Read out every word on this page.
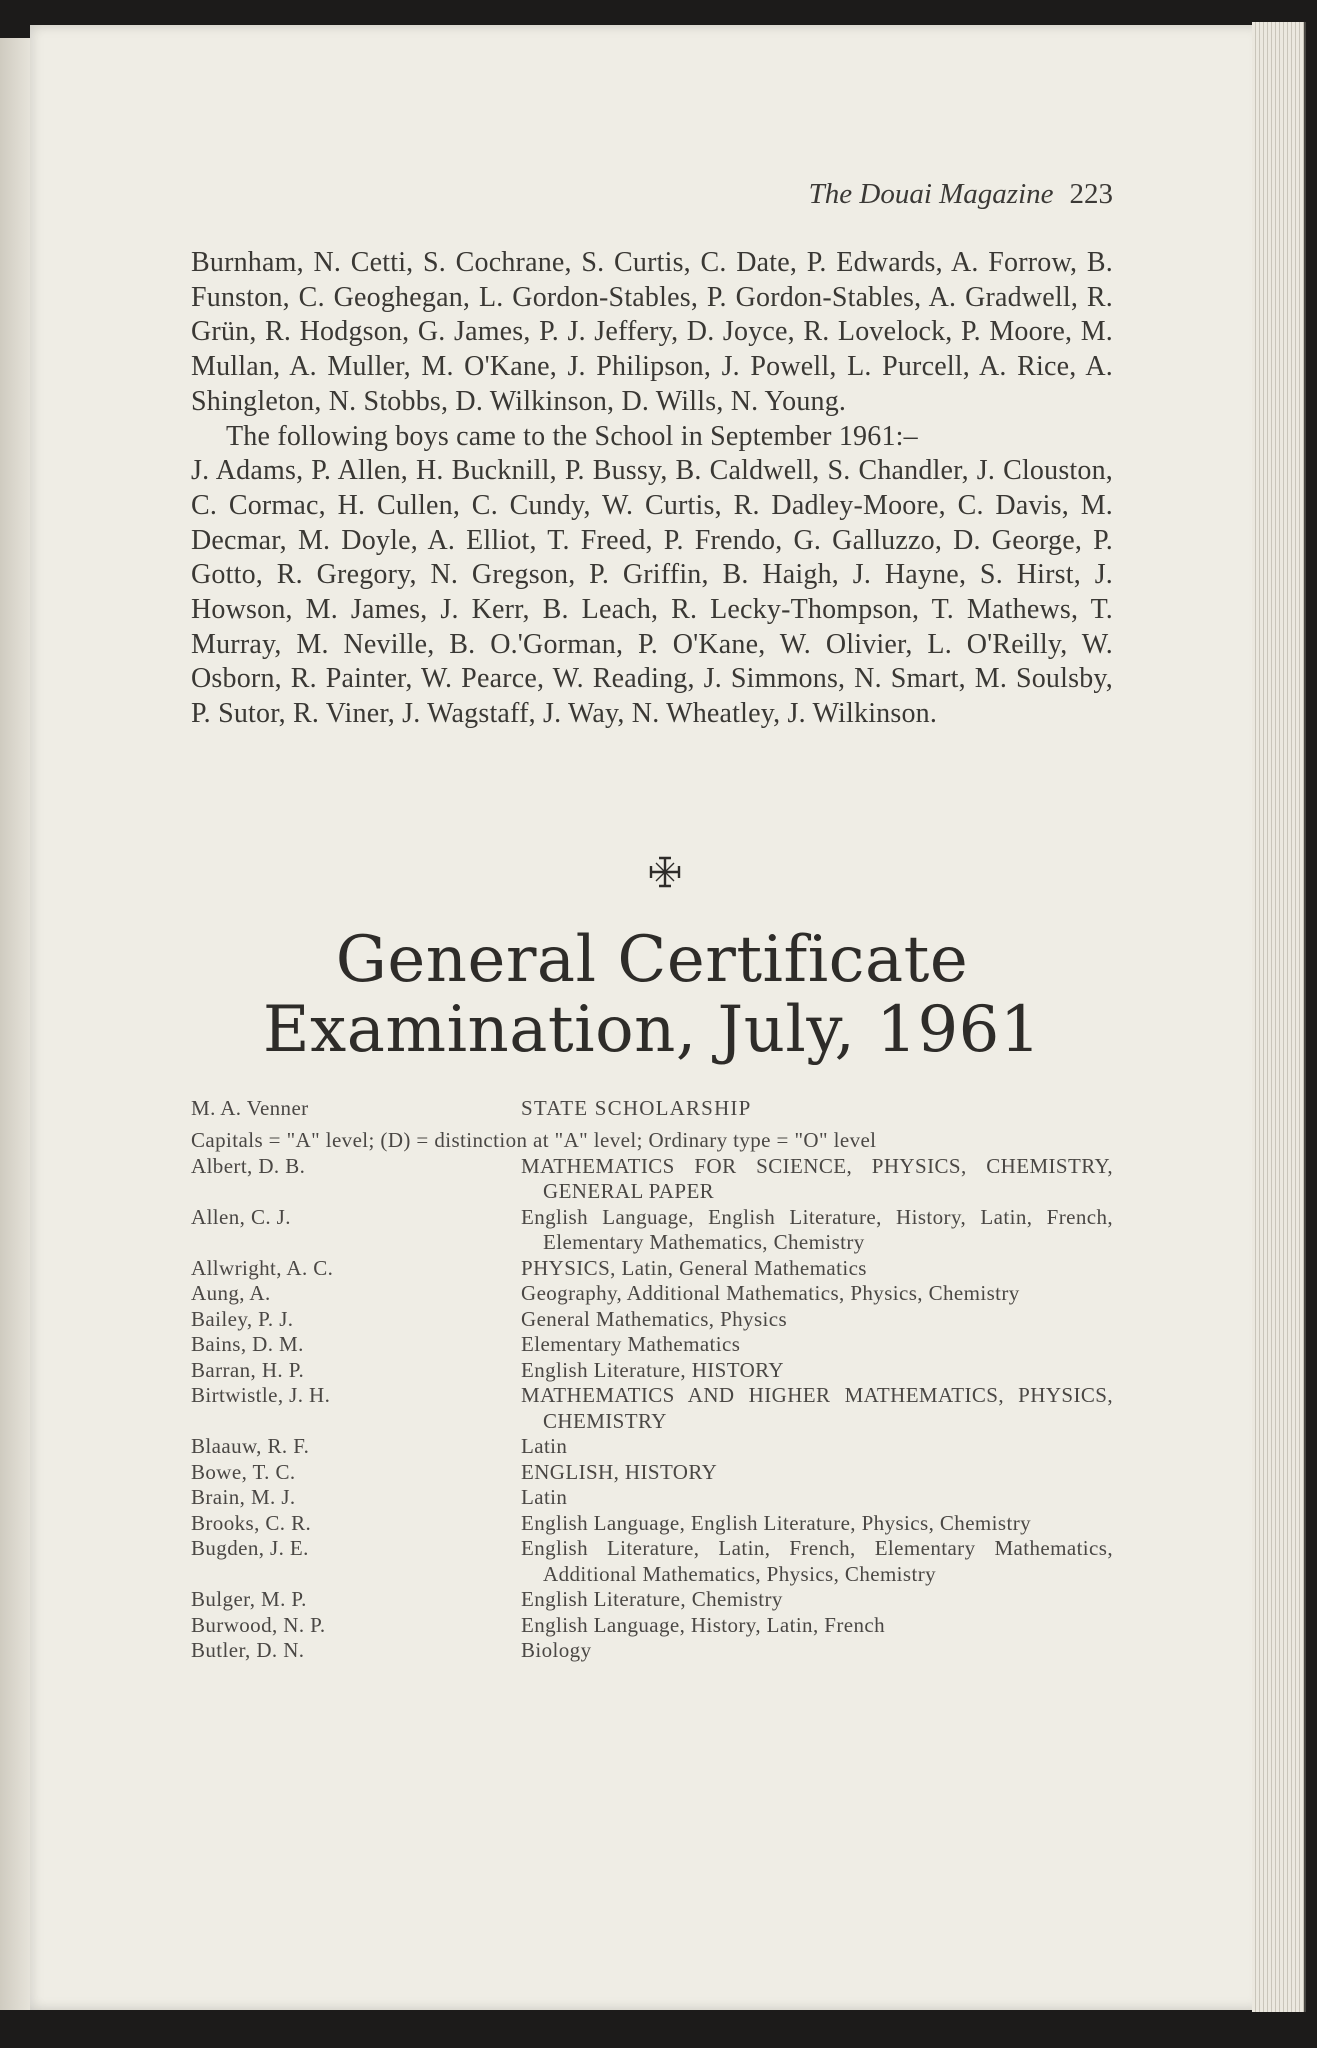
The Douai Magazine 223

Burnham, N. Cetti, S. Cochrane, S. Curtis, C. Date, P. Edwards, A. Forrow, B. Funston, C. Geoghegan, L. Gordon-Stables, P. Gordon-Stables, A. Gradwell, R. Grün, R. Hodgson, G. James, P. J. Jeffery, D. Joyce, R. Lovelock, P. Moore, M. Mullan, A. Muller, M. O'Kane, J. Philipson, J. Powell, L. Purcell, A. Rice, A. Shingleton, N. Stobbs, D. Wilkinson, D. Wills, N. Young.

The following boys came to the School in September 1961:–

J. Adams, P. Allen, H. Bucknill, P. Bussy, B. Caldwell, S. Chandler, J. Clouston, C. Cormac, H. Cullen, C. Cundy, W. Curtis, R. Dadley-Moore, C. Davis, M. Decmar, M. Doyle, A. Elliot, T. Freed, P. Frendo, G. Galluzzo, D. George, P. Gotto, R. Gregory, N. Gregson, P. Griffin, B. Haigh, J. Hayne, S. Hirst, J. Howson, M. James, J. Kerr, B. Leach, R. Lecky-Thompson, T. Mathews, T. Murray, M. Neville, B. O.'Gorman, P. O'Kane, W. Olivier, L. O'Reilly, W. Osborn, R. Painter, W. Pearce, W. Reading, J. Simmons, N. Smart, M. Soulsby, P. Sutor, R. Viner, J. Wagstaff, J. Way, N. Wheatley, J. Wilkinson.

General Certificate
Examination, July, 1961
M. A. Venner	STATE SCHOLARSHIP
Capitals = "A" level; (D) = distinction at "A" level; Ordinary type = "O" level
Albert, D. B.	MATHEMATICS FOR SCIENCE, PHYSICS, CHEMISTRY, GENERAL PAPER
Allen, C. J.	English Language, English Literature, History, Latin, French, Elementary Mathematics, Chemistry
Allwright, A. C.	PHYSICS, Latin, General Mathematics
Aung, A.	Geography, Additional Mathematics, Physics, Chemistry
Bailey, P. J.	General Mathematics, Physics
Bains, D. M.	Elementary Mathematics
Barran, H. P.	English Literature, HISTORY
Birtwistle, J. H.	MATHEMATICS AND HIGHER MATHEMATICS, PHYSICS, CHEMISTRY
Blaauw, R. F.	Latin
Bowe, T. C.	ENGLISH, HISTORY
Brain, M. J.	Latin
Brooks, C. R.	English Language, English Literature, Physics, Chemistry
Bugden, J. E.	English Literature, Latin, French, Elementary Mathematics, Additional Mathematics, Physics, Chemistry
Bulger, M. P.	English Literature, Chemistry
Burwood, N. P.	English Language, History, Latin, French
Butler, D. N.	Biology
